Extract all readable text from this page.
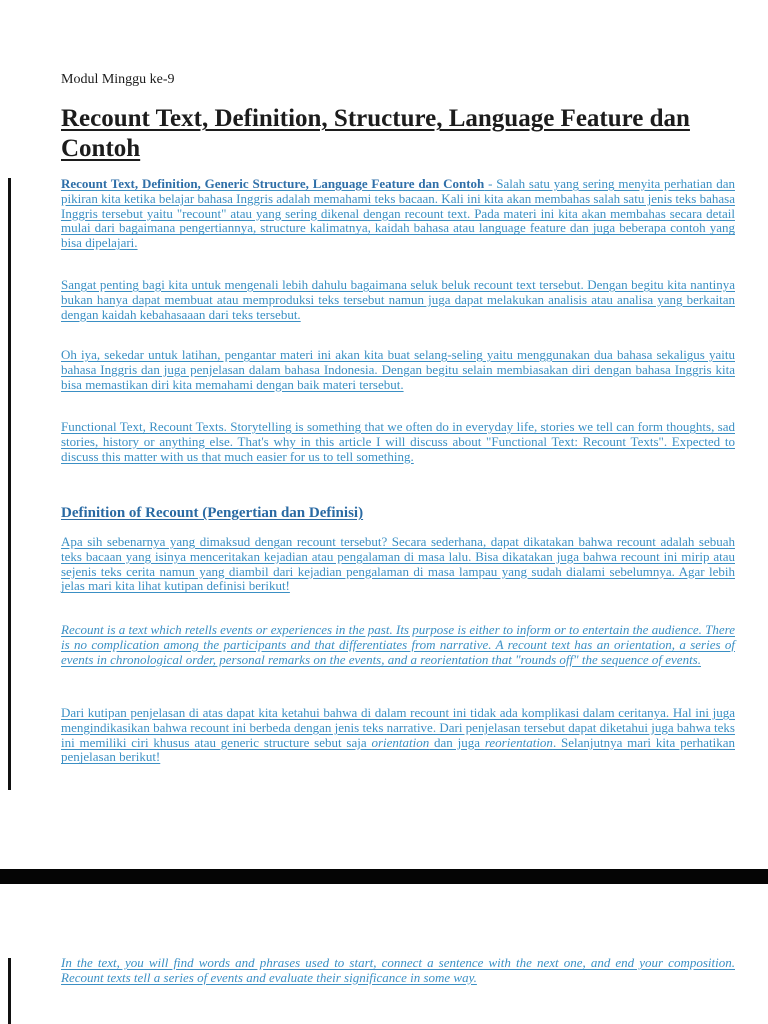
Modul Minggu ke-9
Recount Text, Definition, Structure, Language Feature dan Contoh

Recount Text, Definition, Generic Structure, Language Feature dan Contoh - Salah satu yang sering menyita perhatian dan pikiran kita ketika belajar bahasa Inggris adalah memahami teks bacaan. Kali ini kita akan membahas salah satu jenis teks bahasa Inggris tersebut yaitu "recount" atau yang sering dikenal dengan recount text. Pada materi ini kita akan membahas secara detail mulai dari bagaimana pengertiannya, structure kalimatnya, kaidah bahasa atau language feature dan juga beberapa contoh yang bisa dipelajari.

Sangat penting bagi kita untuk mengenali lebih dahulu bagaimana seluk beluk recount text tersebut. Dengan begitu kita nantinya bukan hanya dapat membuat atau memproduksi teks tersebut namun juga dapat melakukan analisis atau analisa yang berkaitan dengan kaidah kebahasaaan dari teks tersebut.

Oh iya, sekedar untuk latihan, pengantar materi ini akan kita buat selang-seling yaitu menggunakan dua bahasa sekaligus yaitu bahasa Inggris dan juga penjelasan dalam bahasa Indonesia. Dengan begitu selain membiasakan diri dengan bahasa Inggris kita bisa memastikan diri kita memahami dengan baik materi tersebut.

Functional Text, Recount Texts. Storytelling is something that we often do in everyday life, stories we tell can form thoughts, sad stories, history or anything else. That's why in this article I will discuss about "Functional Text: Recount Texts". Expected to discuss this matter with us that much easier for us to tell something.

Definition of Recount (Pengertian dan Definisi)

Apa sih sebenarnya yang dimaksud dengan recount tersebut? Secara sederhana, dapat dikatakan bahwa recount adalah sebuah teks bacaan yang isinya menceritakan kejadian atau pengalaman di masa lalu. Bisa dikatakan juga bahwa recount ini mirip atau sejenis teks cerita namun yang diambil dari kejadian pengalaman di masa lampau yang sudah dialami sebelumnya. Agar lebih jelas mari kita lihat kutipan definisi berikut!

Recount is a text which retells events or experiences in the past. Its purpose is either to inform or to entertain the audience. There is no complication among the participants and that differentiates from narrative. A recount text has an orientation, a series of events in chronological order, personal remarks on the events, and a reorientation that "rounds off" the sequence of events.

Dari kutipan penjelasan di atas dapat kita ketahui bahwa di dalam recount ini tidak ada komplikasi dalam ceritanya. Hal ini juga mengindikasikan bahwa recount ini berbeda dengan jenis teks narrative. Dari penjelasan tersebut dapat diketahui juga bahwa teks ini memiliki ciri khusus atau generic structure sebut saja orientation dan juga reorientation. Selanjutnya mari kita perhatikan penjelasan berikut!

In the text, you will find words and phrases used to start, connect a sentence with the next one, and end your composition. Recount texts tell a series of events and evaluate their significance in some way.
